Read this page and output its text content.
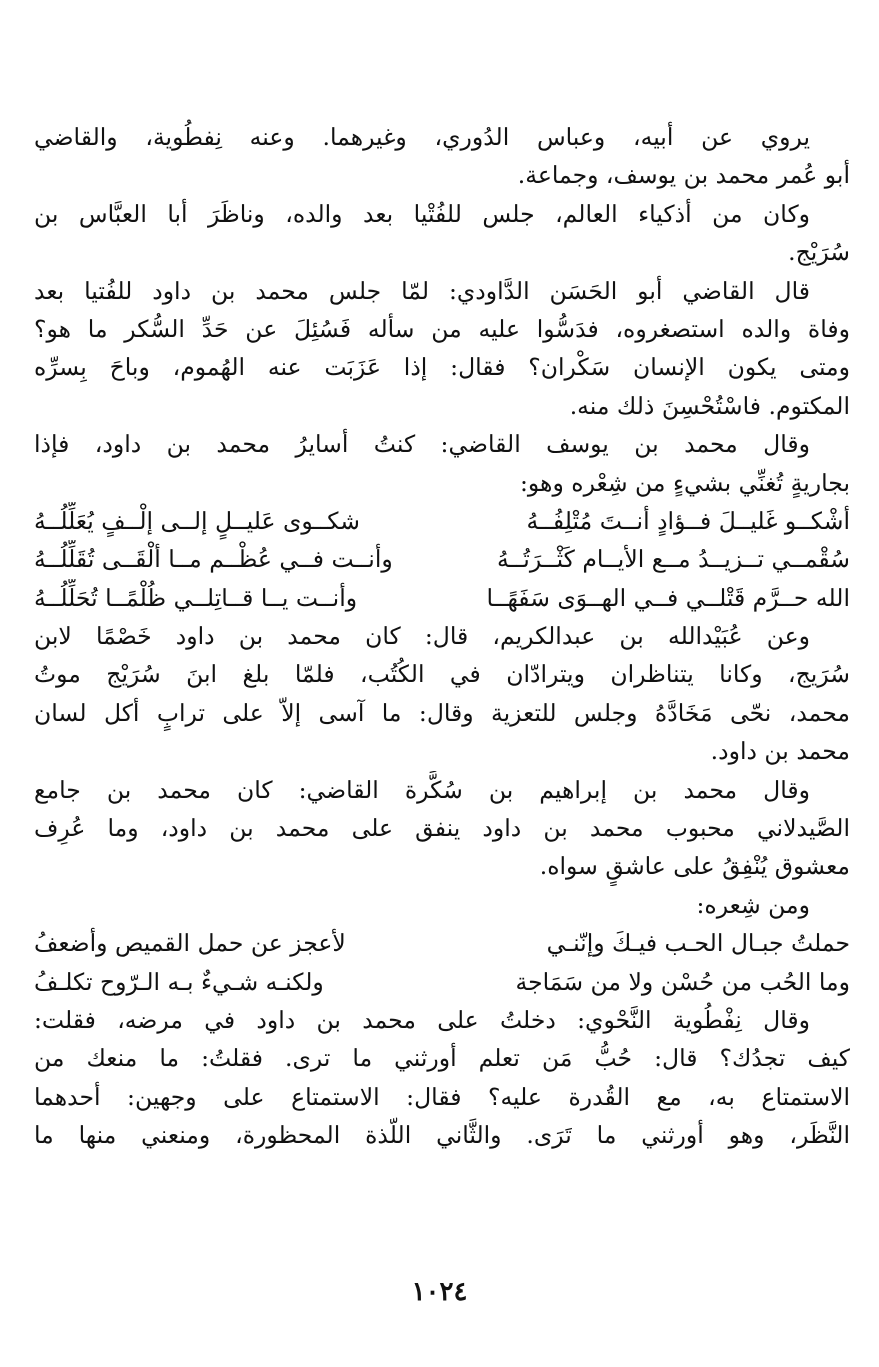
يروي عن أبيه، وعباس الدُوري، وغيرهما. وعنه نِفطُوية، والقاضي
أبو عُمر محمد بن يوسف، وجماعة.
وكان من أذكياء العالم، جلس للفُتْيا بعد والده، وناظَرَ أبا العبَّاس بن
سُرَيْج.
قال القاضي أبو الحَسَن الدَّاودي: لمّا جلس محمد بن داود للفُتيا بعد
وفاة والده استصغروه، فدَسُّوا عليه من سأله فَسُئِلَ عن حَدِّ السُّكر ما هو؟
ومتى يكون الإنسان سَكْران؟ فقال: إذا عَزَبَت عنه الهُموم، وباحَ بِسرِّه
المكتوم. فاسْتُحْسِنَ ذلك منه.
وقال محمد بن يوسف القاضي: كنتُ أسايرُ محمد بن داود، فإذا
بجاريةٍ تُغنِّي بشيءٍ من شِعْره وهو:
أشْكــو غَليــلَ فــؤادٍ أنــتَ مُتْلِفُــهُ
شكــوى عَليــلٍ إلــى إلْــفٍ يُعَلِّلُــهُ
سُقْمــي تــزيــدُ مــع الأيــام كَثْــرَتُــهُ
وأنــت فــي عُظْــم مــا ألْقَــى تُقَلِّلُــهُ
الله حــرَّم قَتْلــي فــي الهــوَى سَفَهًــا
وأنــت يــا قــاتِلــي ظُلْمًــا تُحَلِّلُــهُ
وعن عُبَيْدالله بن عبدالكريم، قال: كان محمد بن داود خَصْمًا لابن
سُرَيج، وكانا يتناظران ويترادّان في الكُتُب، فلمّا بلغ ابنَ سُرَيْج موتُ
محمد، نحّى مَخَادَّهُ وجلس للتعزية وقال: ما آسى إلاّ على ترابٍ أكل لسان
محمد بن داود.
وقال محمد بن إبراهيم بن سُكَّرة القاضي: كان محمد بن جامع
الصَّيدلاني محبوب محمد بن داود ينفق على محمد بن داود، وما عُرِف
معشوق يُنْفِقُ على عاشقٍ سواه.
ومن شِعره:
حملتُ جبـال الحـب فيـكَ وإنّنـي
لأعجز عن حمل القميص وأضعفُ
وما الحُب من حُسْن ولا من سَمَاجة
ولكنـه شـيءٌ بـه الـرّوح تكلـفُ
وقال نِفْطُوية النَّحْوي: دخلتُ على محمد بن داود في مرضه، فقلت:
كيف تجدُك؟ قال: حُبُّ مَن تعلم أورثني ما ترى. فقلتُ: ما منعك من
الاستمتاع به، مع القُدرة عليه؟ فقال: الاستمتاع على وجهين: أحدهما
النَّظَر، وهو أورثني ما تَرَى. والثَّاني اللّذة المحظورة، ومنعني منها ما
١٠٢٤
